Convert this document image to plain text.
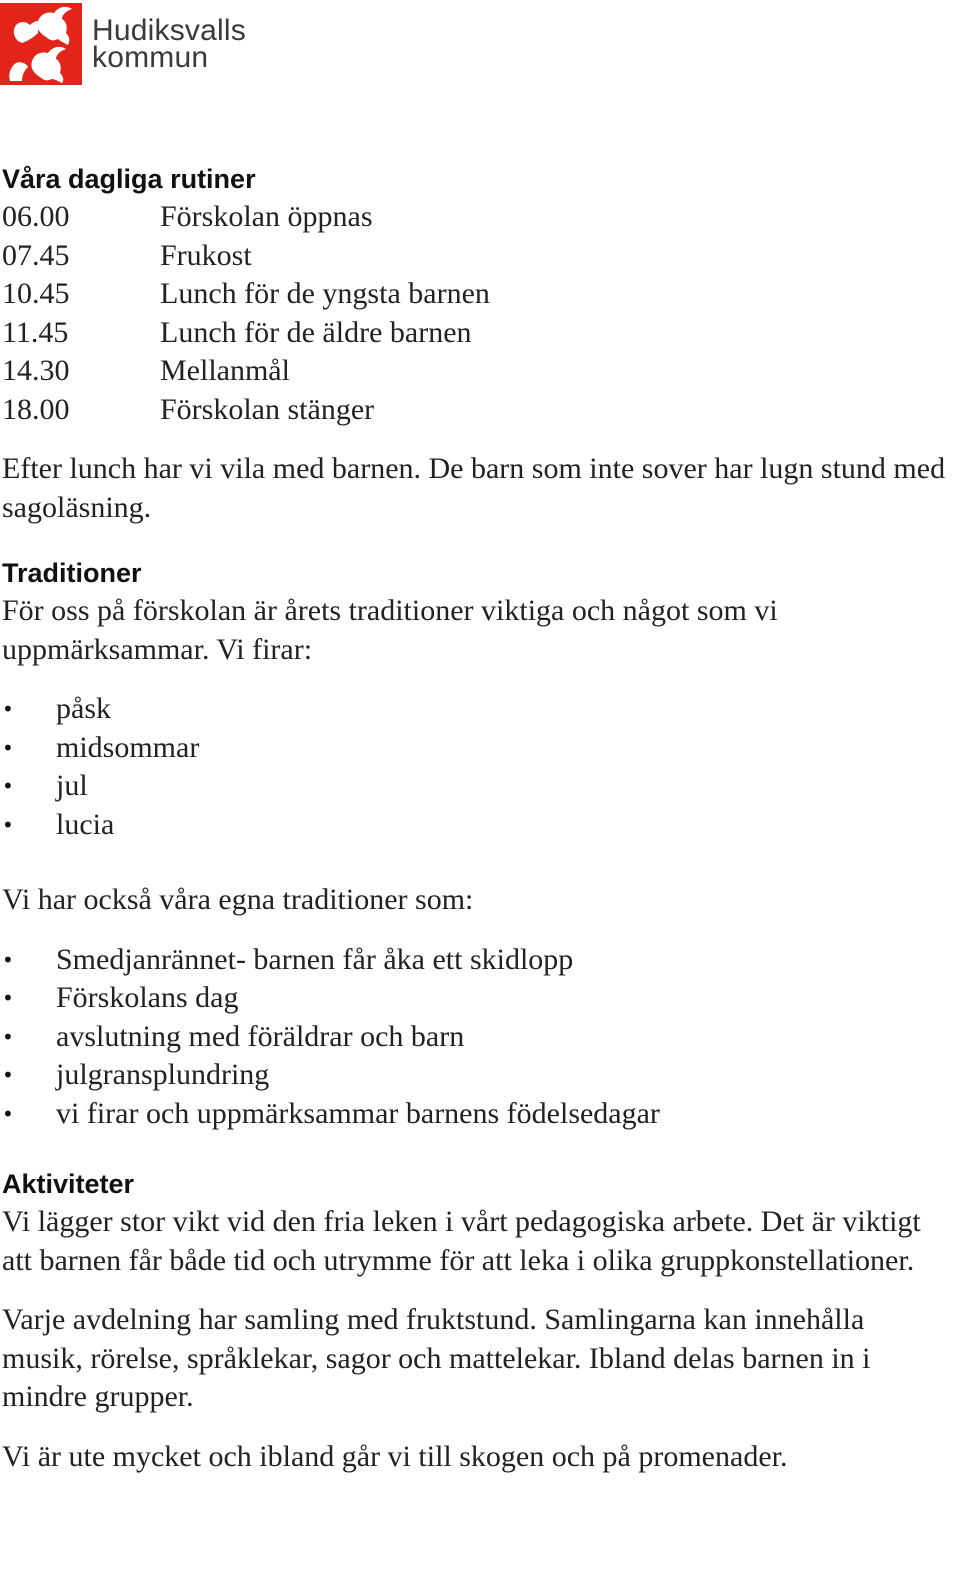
Hudiksvalls
kommun
Våra dagliga rutiner
06.00	Förskolan öppnas
07.45	Frukost
10.45	Lunch för de yngsta barnen
11.45	Lunch för de äldre barnen
14.30	Mellanmål
18.00	Förskolan stänger

Efter lunch har vi vila med barnen. De barn som inte sover har lugn stund med sagoläsning.

Traditioner

För oss på förskolan är årets traditioner viktiga och något som vi uppmärksammar. Vi firar:

• påsk
• midsommar
• jul
• lucia

Vi har också våra egna traditioner som:

• Smedjanrännet- barnen får åka ett skidlopp
• Förskolans dag
• avslutning med föräldrar och barn
• julgransplundring
• vi firar och uppmärksammar barnens födelsedagar
Aktiviteter

Vi lägger stor vikt vid den fria leken i vårt pedagogiska arbete. Det är viktigt att barnen får både tid och utrymme för att leka i olika gruppkonstellationer.

Varje avdelning har samling med fruktstund. Samlingarna kan innehålla musik, rörelse, språklekar, sagor och mattelekar. Ibland delas barnen in i mindre grupper.

Vi är ute mycket och ibland går vi till skogen och på promenader.
